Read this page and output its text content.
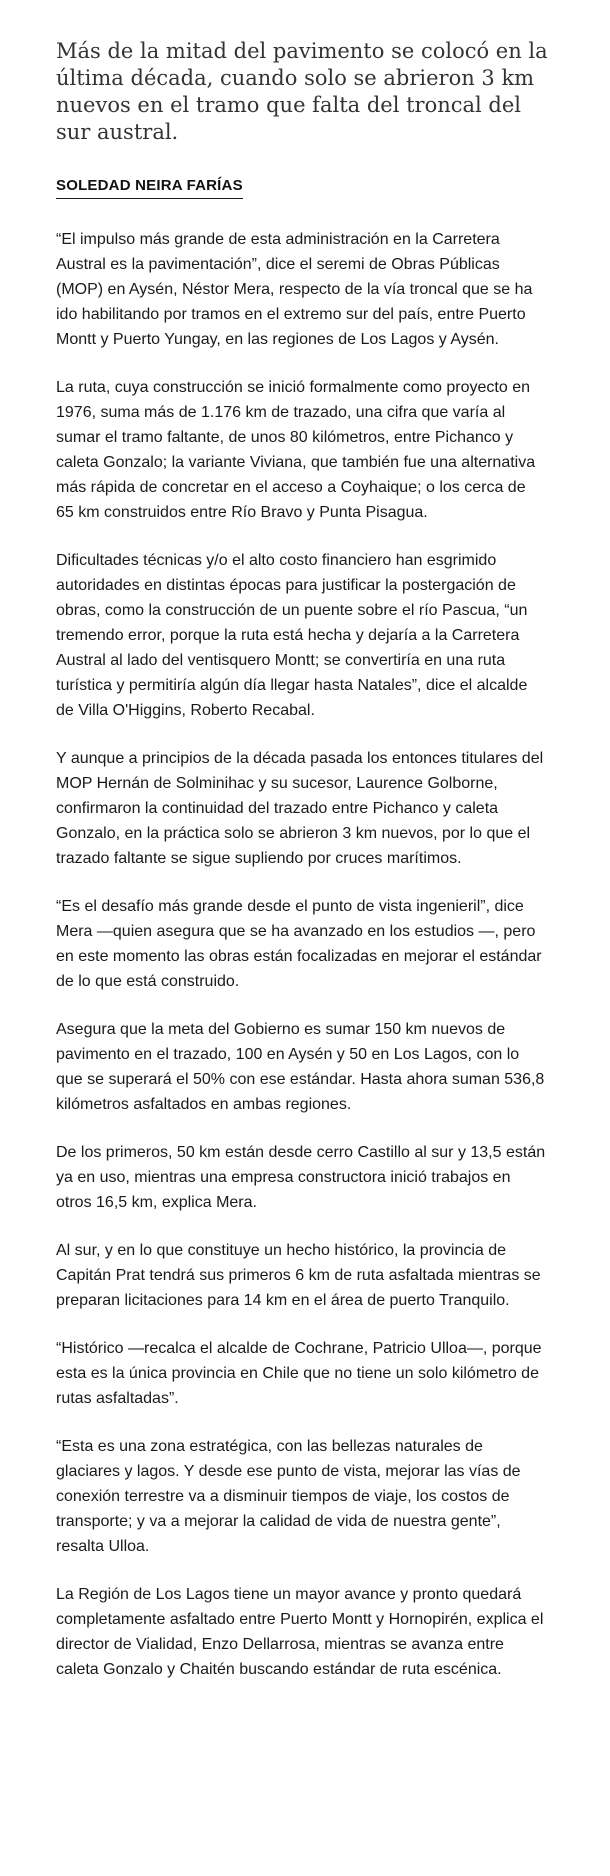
Más de la mitad del pavimento se colocó en la última década, cuando solo se abrieron 3 km nuevos en el tramo que falta del troncal del sur austral.

SOLEDAD NEIRA FARÍAS

“El impulso más grande de esta administración en la Carretera Austral es la pavimentación”, dice el seremi de Obras Públicas (MOP) en Aysén, Néstor Mera, respecto de la vía troncal que se ha ido habilitando por tramos en el extremo sur del país, entre Puerto Montt y Puerto Yungay, en las regiones de Los Lagos y Aysén.

La ruta, cuya construcción se inició formalmente como proyecto en 1976, suma más de 1.176 km de trazado, una cifra que varía al sumar el tramo faltante, de unos 80 kilómetros, entre Pichanco y caleta Gonzalo; la variante Viviana, que también fue una alternativa más rápida de concretar en el acceso a Coyhaique; o los cerca de 65 km construidos entre Río Bravo y Punta Pisagua.

Dificultades técnicas y/o el alto costo financiero han esgrimido autoridades en distintas épocas para justificar la postergación de obras, como la construcción de un puente sobre el río Pascua, “un tremendo error, porque la ruta está hecha y dejaría a la Carretera Austral al lado del ventisquero Montt; se convertiría en una ruta turística y permitiría algún día llegar hasta Natales”, dice el alcalde de Villa O'Higgins, Roberto Recabal.

Y aunque a principios de la década pasada los entonces titulares del MOP Hernán de Solminihac y su sucesor, Laurence Golborne, confirmaron la continuidad del trazado entre Pichanco y caleta Gonzalo, en la práctica solo se abrieron 3 km nuevos, por lo que el trazado faltante se sigue supliendo por cruces marítimos.

“Es el desafío más grande desde el punto de vista ingenieril”, dice Mera —quien asegura que se ha avanzado en los estudios —, pero en este momento las obras están focalizadas en mejorar el estándar de lo que está construido.

Asegura que la meta del Gobierno es sumar 150 km nuevos de pavimento en el trazado, 100 en Aysén y 50 en Los Lagos, con lo que se superará el 50% con ese estándar. Hasta ahora suman 536,8 kilómetros asfaltados en ambas regiones.

De los primeros, 50 km están desde cerro Castillo al sur y 13,5 están ya en uso, mientras una empresa constructora inició trabajos en otros 16,5 km, explica Mera.

Al sur, y en lo que constituye un hecho histórico, la provincia de Capitán Prat tendrá sus primeros 6 km de ruta asfaltada mientras se preparan licitaciones para 14 km en el área de puerto Tranquilo.

“Histórico —recalca el alcalde de Cochrane, Patricio Ulloa—, porque esta es la única provincia en Chile que no tiene un solo kilómetro de rutas asfaltadas”.

“Esta es una zona estratégica, con las bellezas naturales de glaciares y lagos. Y desde ese punto de vista, mejorar las vías de conexión terrestre va a disminuir tiempos de viaje, los costos de transporte; y va a mejorar la calidad de vida de nuestra gente”, resalta Ulloa.

La Región de Los Lagos tiene un mayor avance y pronto quedará completamente asfaltado entre Puerto Montt y Hornopirén, explica el director de Vialidad, Enzo Dellarrosa, mientras se avanza entre caleta Gonzalo y Chaitén buscando estándar de ruta escénica.
